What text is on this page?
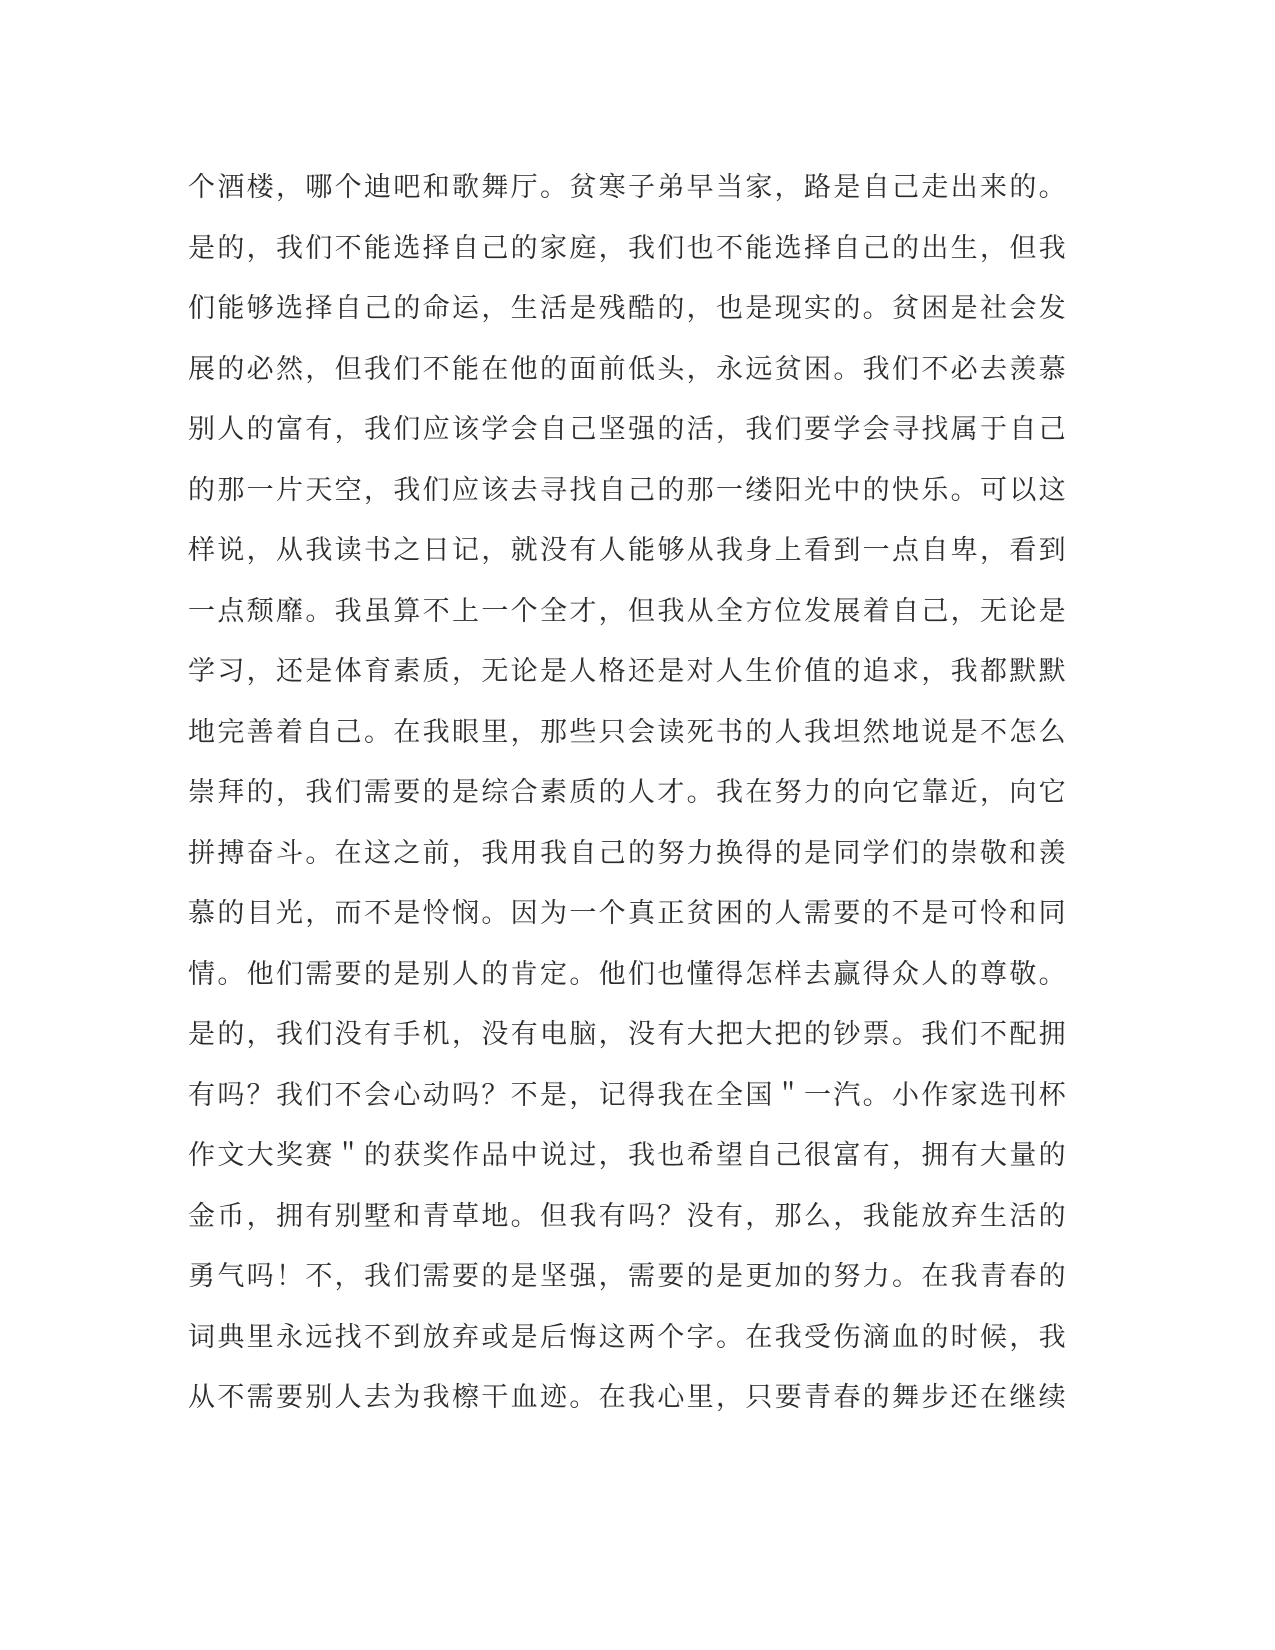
个酒楼，哪个迪吧和歌舞厅。贫寒子弟早当家，路是自己走出来的。
是的，我们不能选择自己的家庭，我们也不能选择自己的出生，但我
们能够选择自己的命运，生活是残酷的，也是现实的。贫困是社会发
展的必然，但我们不能在他的面前低头，永远贫困。我们不必去羡慕
别人的富有，我们应该学会自己坚强的活，我们要学会寻找属于自己
的那一片天空，我们应该去寻找自己的那一缕阳光中的快乐。可以这
样说，从我读书之日记，就没有人能够从我身上看到一点自卑，看到
一点颓靡。我虽算不上一个全才，但我从全方位发展着自己，无论是
学习，还是体育素质，无论是人格还是对人生价值的追求，我都默默
地完善着自己。在我眼里，那些只会读死书的人我坦然地说是不怎么
崇拜的，我们需要的是综合素质的人才。我在努力的向它靠近，向它
拼搏奋斗。在这之前，我用我自己的努力换得的是同学们的崇敬和羡
慕的目光，而不是怜悯。因为一个真正贫困的人需要的不是可怜和同
情。他们需要的是别人的肯定。他们也懂得怎样去赢得众人的尊敬。
是的，我们没有手机，没有电脑，没有大把大把的钞票。我们不配拥
有吗？我们不会心动吗？不是，记得我在全国＂一汽。小作家选刊杯
作文大奖赛＂的获奖作品中说过，我也希望自己很富有，拥有大量的
金币，拥有别墅和青草地。但我有吗？没有，那么，我能放弃生活的
勇气吗！不，我们需要的是坚强，需要的是更加的努力。在我青春的
词典里永远找不到放弃或是后悔这两个字。在我受伤滴血的时候，我
从不需要别人去为我檫干血迹。在我心里，只要青春的舞步还在继续
